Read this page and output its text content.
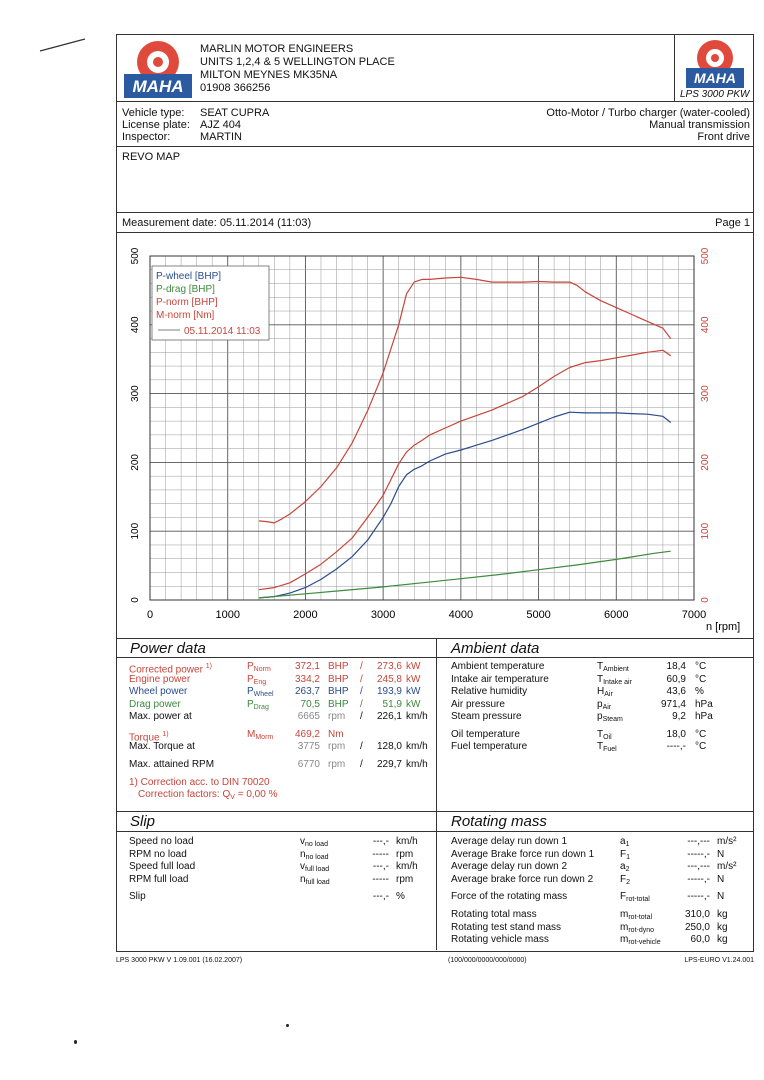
MAHA
MARLIN MOTOR ENGINEERS
UNITS 1,2,4 & 5 WELLINGTON PLACE
MILTON MEYNES MK35NA
01908 366256
MAHA
LPS 3000 PKW
Vehicle type: SEAT CUPRA
License plate: AJZ 404
Inspector:	MARTIN
Otto-Motor / Turbo charger (water-cooled)
Manual transmission
Front drive
REVO MAP
Measurement date: 05.11.2014 (11:03)	Page 1
0	1000	2000	3000	4000	5000	6000	7000
n [rpm]
0
100
200
300
400
500
0
100
200
300
400
500
P-wheel [BHP]
P-drag [BHP]
P-norm [BHP]
M-norm [Nm]
05.11.2014 11:03
Power data	Ambient data
Corrected power $^{1)}$	$P_{Norm}$	372,1 BHP /	273,6 kW
Engine power	$P_{Eng}$	334,2 BHP /	245,8 kW
Wheel power	$P_{Wheel}$	263,7 BHP /	193,9 kW
Drag power	$P_{Drag}$	70,5 BHP /	51,9 kW
Max. power at	6665 rpm /	226,1 km/h
Torque $^{1)}$	$M_{Morm}$	469,2 Nm
Max. Torque at	3775 rpm /	128,0 km/h
Max. attained RPM	6770 rpm /	229,7 km/h
1) Correction acc. to DIN 70020
Correction factors: $Q_V = 0,00$ %
Ambient temperature	$T_{Ambient}$	18,4 °C
Intake air temperature	$T_{Intake air}$	60,9 °C
Relative humidity	$H_{Air}$	43,6 %
Air pressure	$p_{Air}$	971,4 hPa
Steam pressure	$p_{Steam}$	9,2 hPa
Oil temperature	$T_{Oil}$	18,0 °C
Fuel temperature	$T_{Fuel}$	----,- °C
Slip	Rotating mass
Speed no load	$v_{no load}$	---,- km/h
RPM no load	$n_{no load}$	----- rpm
Speed full load	$v_{full load}$	---,- km/h
RPM full load	$n_{full load}$	----- rpm
Slip	---,- %
Average delay run down 1	$a_1$	---,--- m/s²
Average Brake force run down 1	$F_1$	-----,- N
Average delay run down 2	$a_2$	---,--- m/s²
Average brake force run down 2	$F_2$	-----,- N
Force of the rotating mass	$F_{rot-total}$	-----,- N
Rotating total mass	$m_{rot-total}$	310,0 kg
Rotating test stand mass	$m_{rot-dyno}$	250,0 kg
Rotating vehicle mass	$m_{rot-vehicle}$	60,0 kg
LPS 3000 PKW V 1.09.001 (16.02.2007)	(100/000/0000/000/0000)	LPS-EURO V1.24.001
